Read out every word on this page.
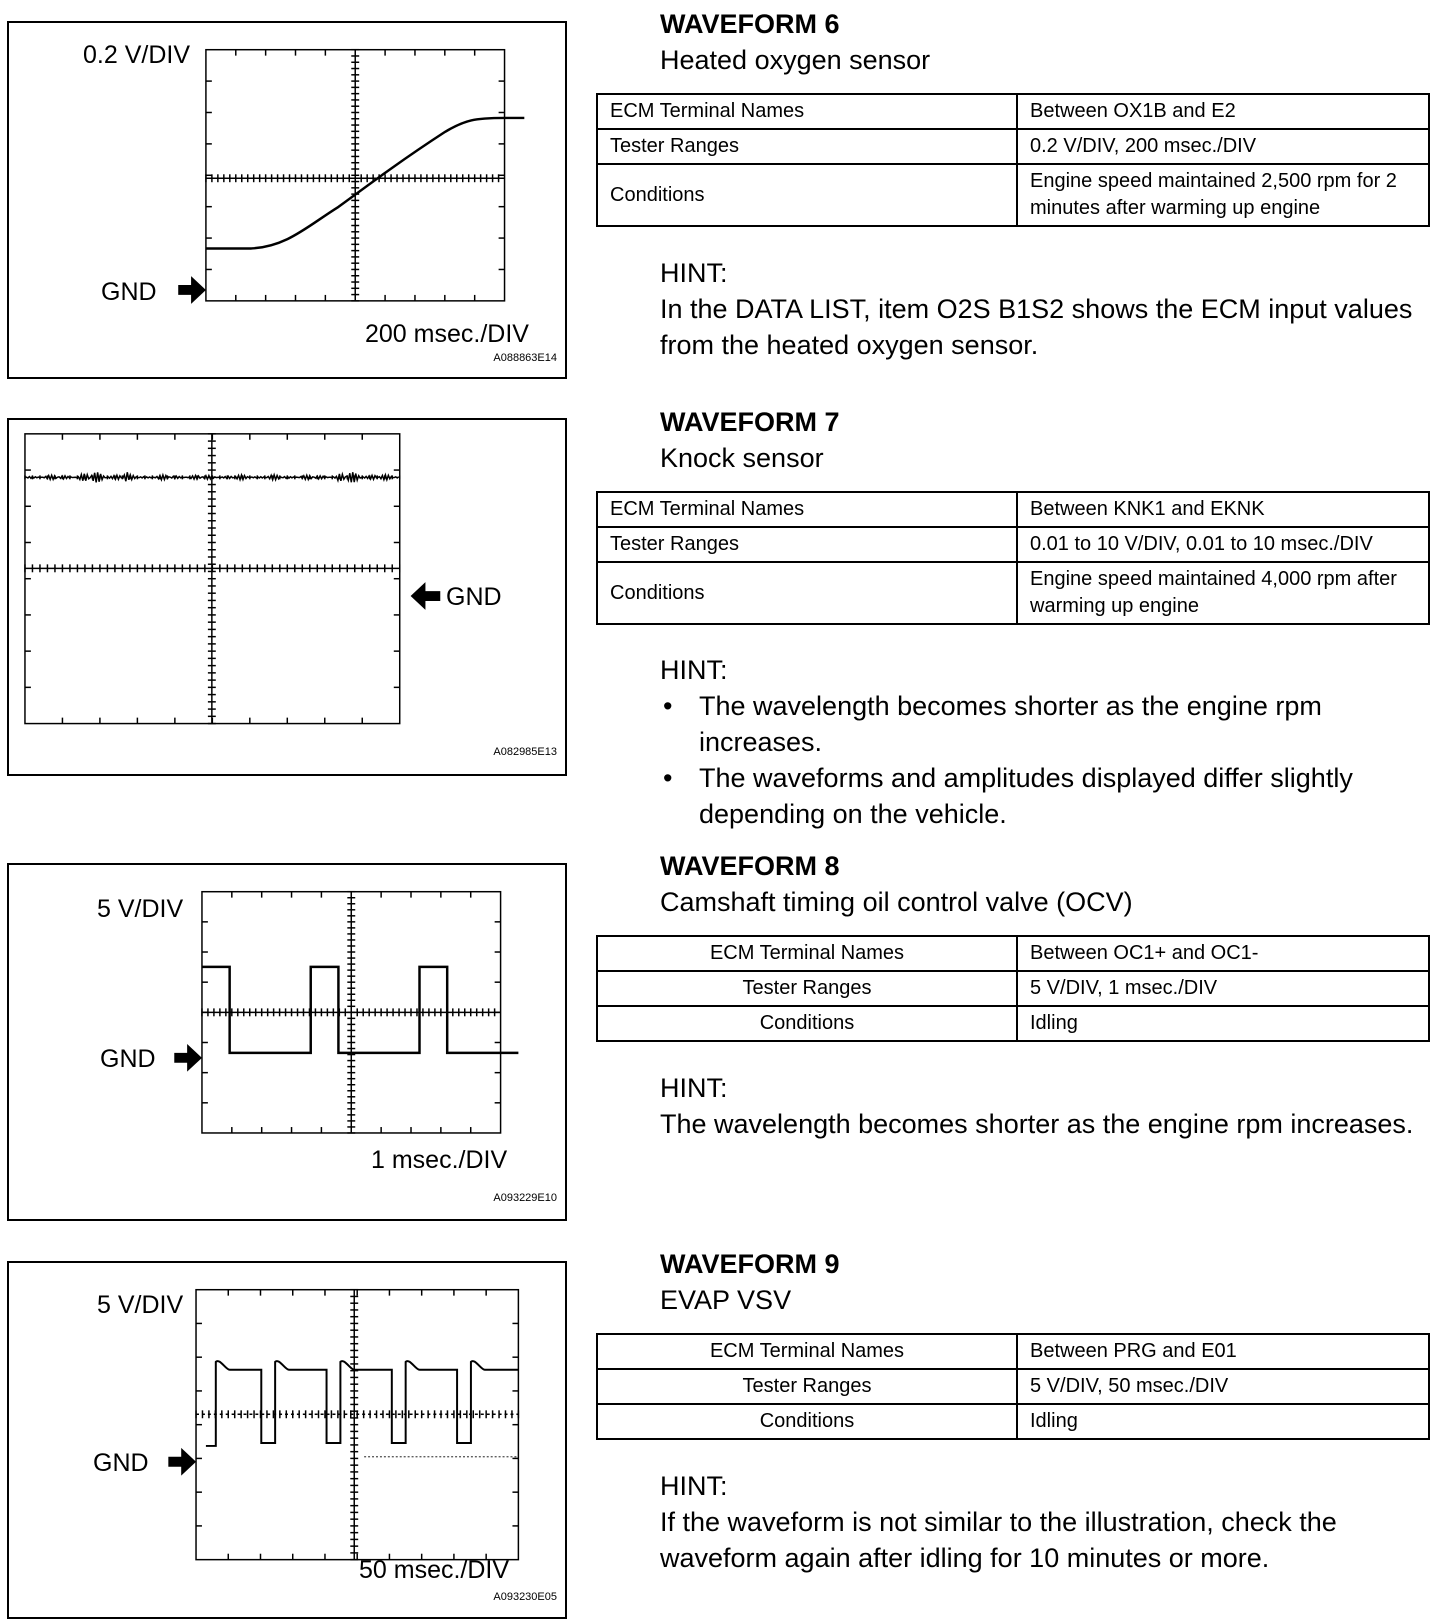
0.2 V/DIV
GND
200 msec./DIV
A088863E14
GND
A082985E13
5 V/DIV
GND
1 msec./DIV
A093229E10
5 V/DIV
GND
50 msec./DIV
A093230E05
WAVEFORM 6
Heated oxygen sensor
ECM Terminal Names	Between OX1B and E2
Tester Ranges	0.2 V/DIV, 200 msec./DIV
Conditions	Engine speed maintained 2,500 rpm for 2 minutes after warming up engine
HINT:
In the DATA LIST, item O2S B1S2 shows the ECM input values from the heated oxygen sensor.
WAVEFORM 7
Knock sensor
ECM Terminal Names	Between KNK1 and EKNK
Tester Ranges	0.01 to 10 V/DIV, 0.01 to 10 msec./DIV
Conditions	Engine speed maintained 4,000 rpm after warming up engine
HINT:
• The wavelength becomes shorter as the engine rpm increases.
• The waveforms and amplitudes displayed differ slightly depending on the vehicle.
WAVEFORM 8
Camshaft timing oil control valve (OCV)
ECM Terminal Names	Between OC1+ and OC1-
Tester Ranges	5 V/DIV, 1 msec./DIV
Conditions	Idling
HINT:
The wavelength becomes shorter as the engine rpm increases.
WAVEFORM 9
EVAP VSV
ECM Terminal Names	Between PRG and E01
Tester Ranges	5 V/DIV, 50 msec./DIV
Conditions	Idling
HINT:
If the waveform is not similar to the illustration, check the waveform again after idling for 10 minutes or more.
